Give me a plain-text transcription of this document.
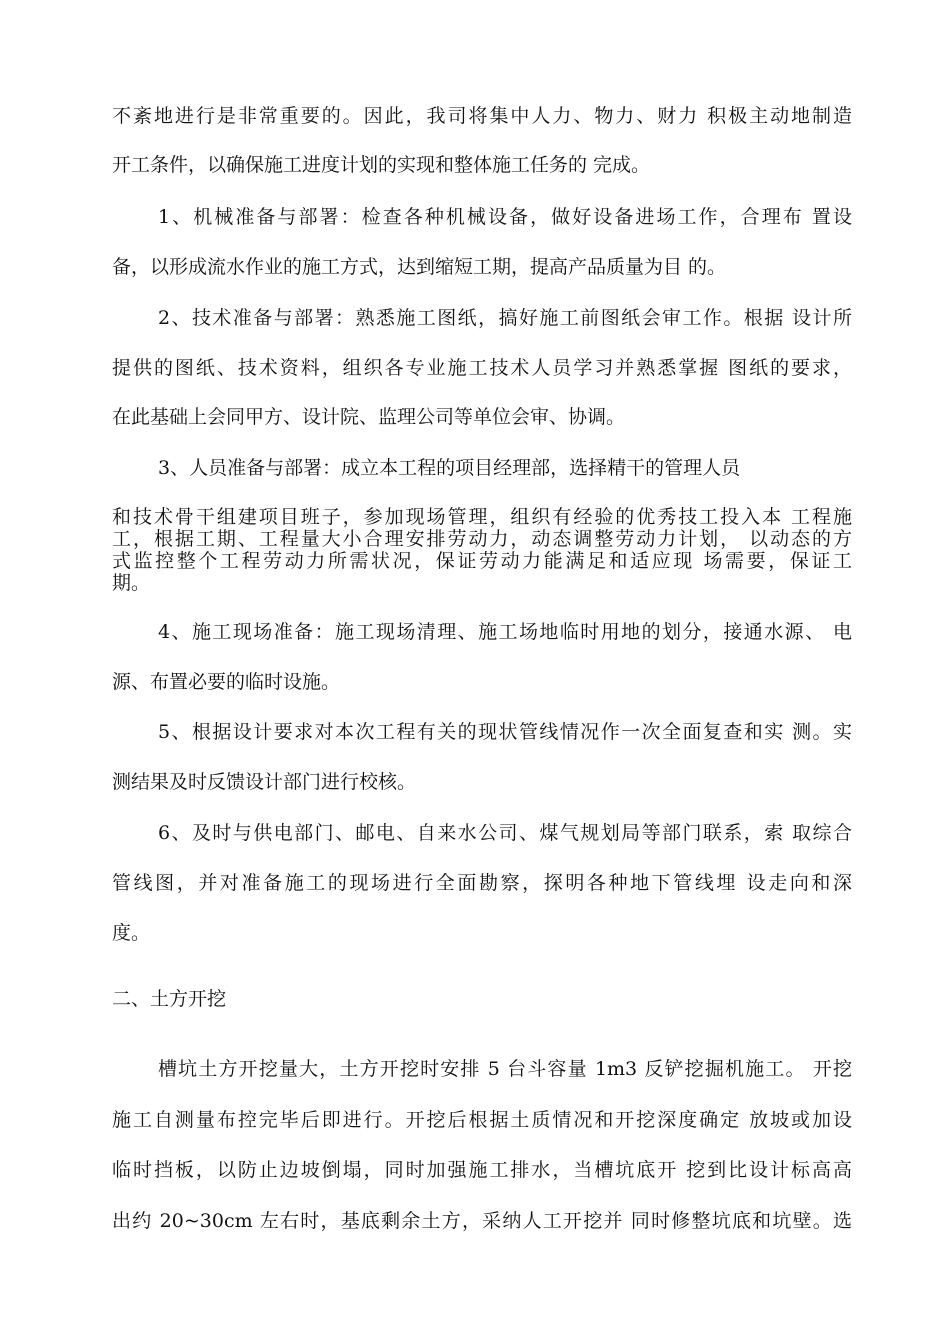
不紊地进行是非常重要的。因此，我司将集中人力、物力、财力 积极主动地制造
开工条件，以确保施工进度计划的实现和整体施工任务的 完成。
1、机械准备与部署：检查各种机械设备，做好设备进场工作，合理布 置设
备，以形成流水作业的施工方式，达到缩短工期，提高产品质量为目 的。
2、技术准备与部署：熟悉施工图纸，搞好施工前图纸会审工作。根据 设计所
提供的图纸、技术资料，组织各专业施工技术人员学习并熟悉掌握 图纸的要求，
在此基础上会同甲方、设计院、监理公司等单位会审、协调。
3、人员准备与部署：成立本工程的项目经理部，选择精干的管理人员
和技术骨干组建项目班子，参加现场管理，组织有经验的优秀技工投入本 工程施
工，根据工期、工程量大小合理安排劳动力，动态调整劳动力计划， 以动态的方
式监控整个工程劳动力所需状况，保证劳动力能满足和适应现 场需要，保证工
期。
4、施工现场准备：施工现场清理、施工场地临时用地的划分，接通水源、 电
源、布置必要的临时设施。
5、根据设计要求对本次工程有关的现状管线情况作一次全面复查和实 测。实
测结果及时反馈设计部门进行校核。
6、及时与供电部门、邮电、自来水公司、煤气规划局等部门联系，索 取综合
管线图，并对准备施工的现场进行全面勘察，探明各种地下管线埋 设走向和深
度。
二、土方开挖
槽坑土方开挖量大，土方开挖时安排 5 台斗容量 1m3 反铲挖掘机施工。 开挖
施工自测量布控完毕后即进行。开挖后根据土质情况和开挖深度确定 放坡或加设
临时挡板，以防止边坡倒塌，同时加强施工排水，当槽坑底开 挖到比设计标高高
出约 20~30cm 左右时，基底剩余土方，采纳人工开挖并 同时修整坑底和坑壁。选
